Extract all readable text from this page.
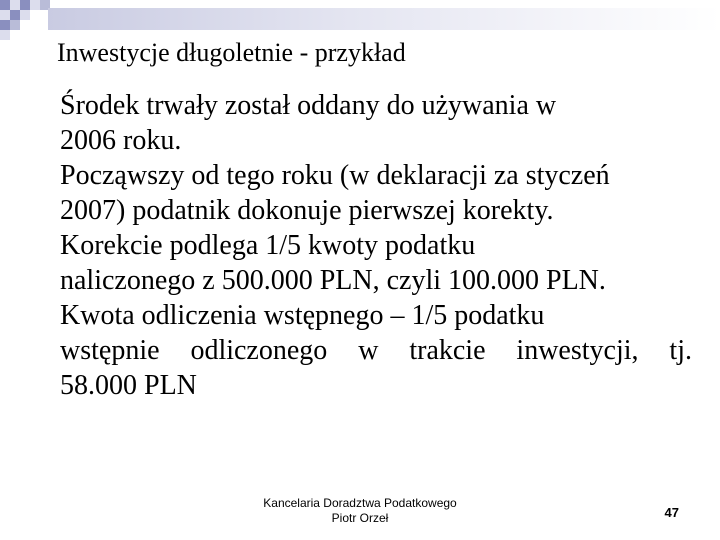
Inwestycje długoletnie - przykład

Środek trwały został oddany do używania w

2006 roku.

Począwszy od tego roku (w deklaracji za styczeń

2007) podatnik dokonuje pierwszej korekty.

Korekcie podlega 1/5 kwoty podatku

naliczonego z 500.000 PLN, czyli 100.000 PLN.

Kwota odliczenia wstępnego – 1/5 podatku

wstępnie odliczonego w trakcie inwestycji, tj.

58.000 PLN

Kancelaria Doradztwa Podatkowego
Piotr Orzeł	47
